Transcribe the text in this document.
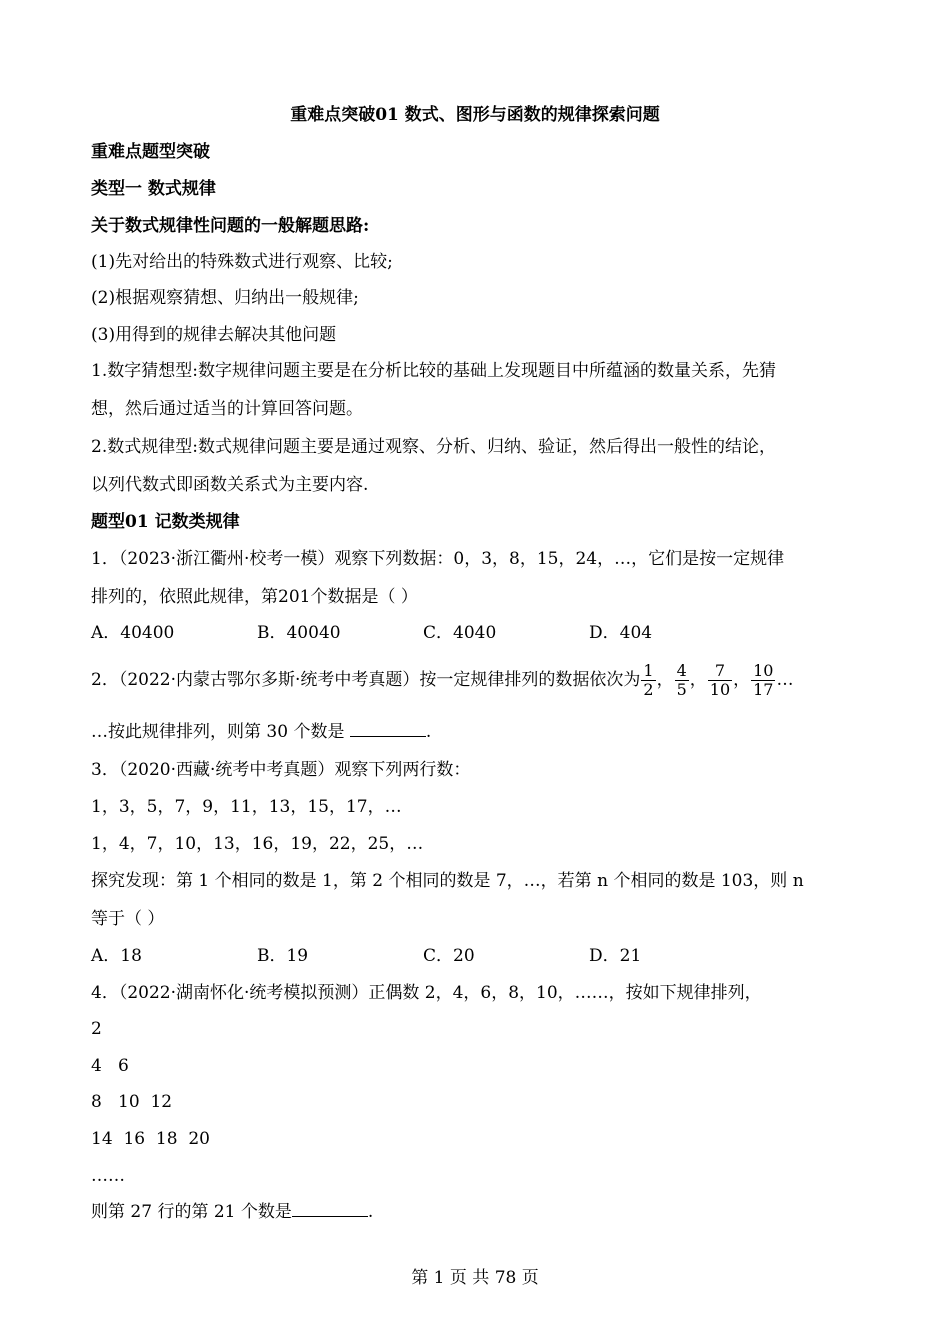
重难点突破01 数式、图形与函数的规律探索问题
重难点题型突破
类型一 数式规律
关于数式规律性问题的一般解题思路:
(1)先对给出的特殊数式进行观察、比较;
(2)根据观察猜想、归纳出一般规律;
(3)用得到的规律去解决其他问题
1.数字猜想型:数字规律问题主要是在分析比较的基础上发现题目中所蕴涵的数量关系，先猜
想，然后通过适当的计算回答问题。
2.数式规律型:数式规律问题主要是通过观察、分析、归纳、验证，然后得出一般性的结论，
以列代数式即函数关系式为主要内容.
题型01 记数类规律
1．（2023·浙江衢州·校考一模）观察下列数据：0，3，8，15，24，…，它们是按一定规律
排列的，依照此规律，第201个数据是（ ）
A．40400	B．40040	C．4040	D．404
2．（2022·内蒙古鄂尔多斯·统考中考真题）按一定规律排列的数据依次为 $\frac{1}{2}$ ， $\frac{4}{5}$ ， $\frac{7}{10}$ ， $\frac{10}{17}$ …
…按此规律排列，则第 30 个数是	.
3．（2020·西藏·统考中考真题）观察下列两行数：
1，3，5，7，9，11，13，15，17，…
1，4，7，10，13，16，19，22，25，…
探究发现：第 1 个相同的数是 1，第 2 个相同的数是 7，…，若第 n 个相同的数是 103，则 n
等于（ ）
A．18	B．19	C．20	D．21
4．（2022·湖南怀化·统考模拟预测）正偶数 2，4，6，8，10，……，按如下规律排列，
2
4   6
8   10  12
14  16  18  20
……
则第 27 行的第 21 个数是	.
第 1 页 共 78 页
